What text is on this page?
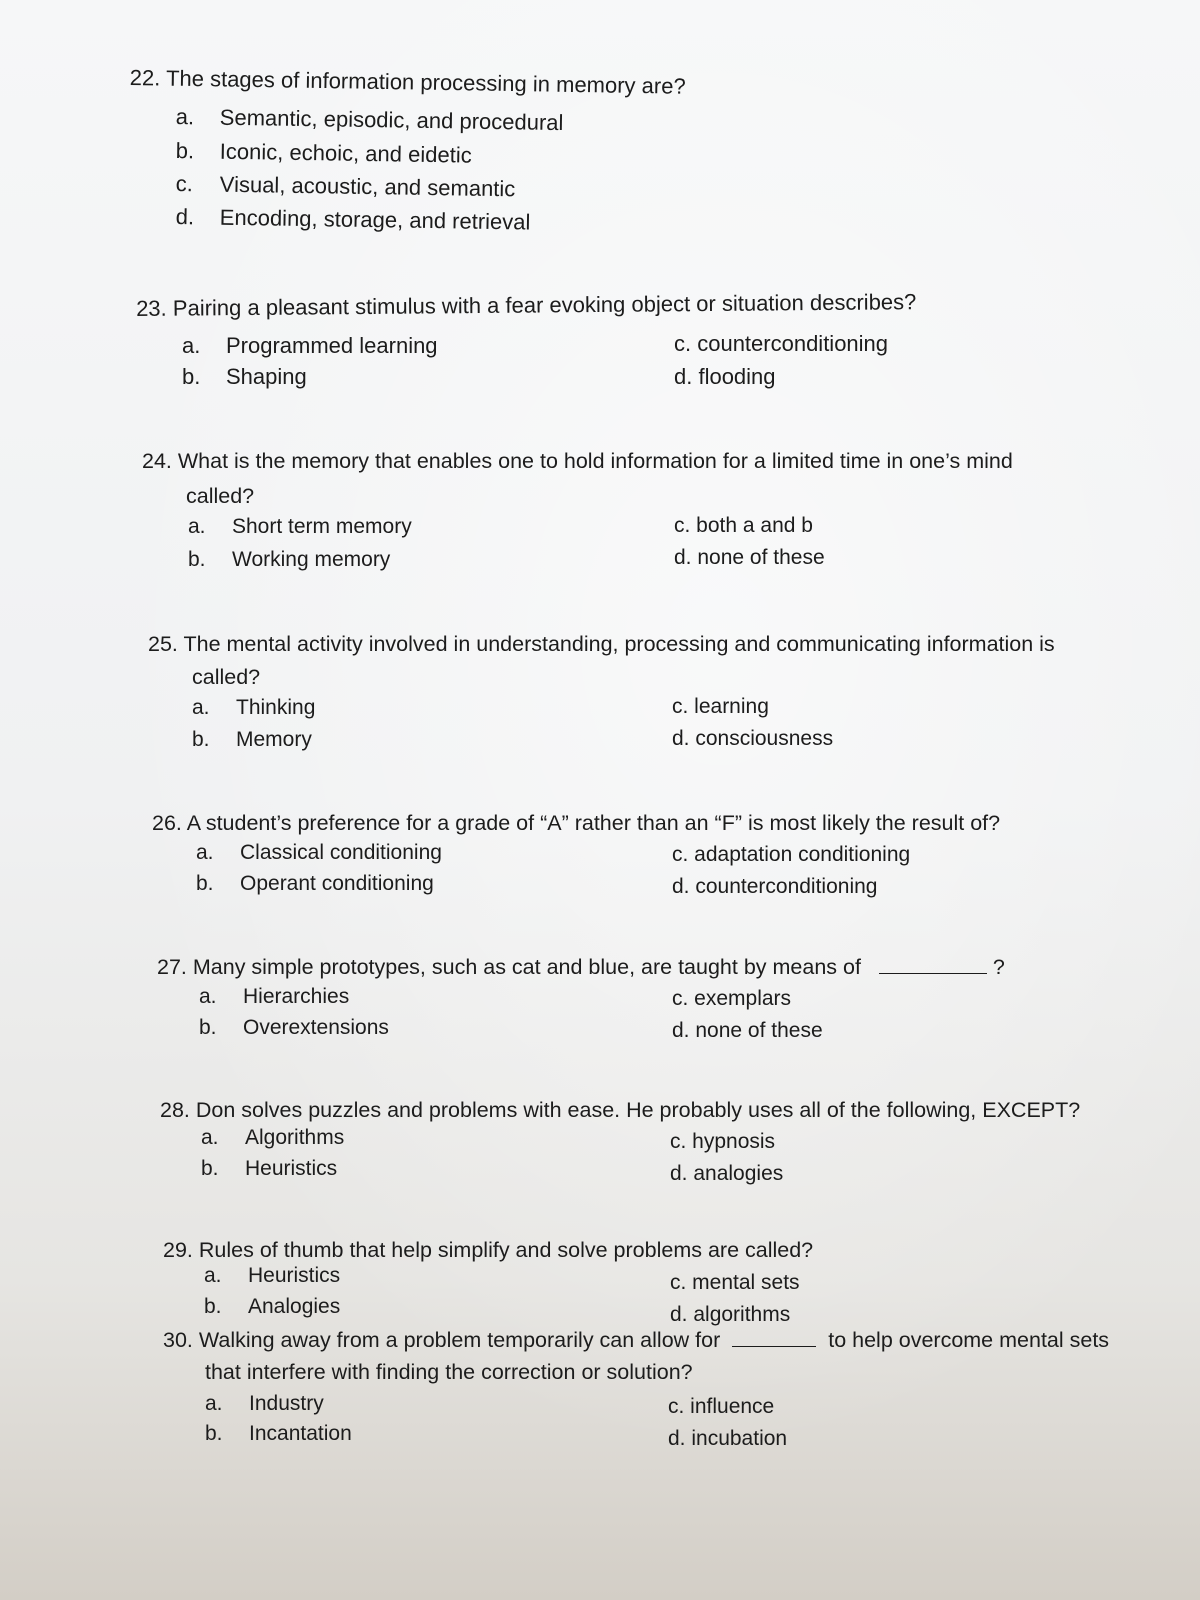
22. The stages of information processing in memory are?
a. Semantic, episodic, and procedural
b. Iconic, echoic, and eidetic
c. Visual, acoustic, and semantic
d. Encoding, storage, and retrieval
23. Pairing a pleasant stimulus with a fear evoking object or situation describes?
a. Programmed learning
b. Shaping
c. counterconditioning
d. flooding
24. What is the memory that enables one to hold information for a limited time in one’s mind
called?
a. Short term memory
b. Working memory
c. both a and b
d. none of these
25. The mental activity involved in understanding, processing and communicating information is
called?
a. Thinking
b. Memory
c. learning
d. consciousness
26. A student’s preference for a grade of “A” rather than an “F” is most likely the result of?
a. Classical conditioning
b. Operant conditioning
c. adaptation conditioning
d. counterconditioning
27. Many simple prototypes, such as cat and blue, are taught by means of	?
a. Hierarchies
b. Overextensions
c. exemplars
d. none of these
28. Don solves puzzles and problems with ease. He probably uses all of the following, EXCEPT?
a. Algorithms
b. Heuristics
c. hypnosis
d. analogies
29. Rules of thumb that help simplify and solve problems are called?
a. Heuristics
b. Analogies
c. mental sets
d. algorithms
30. Walking away from a problem temporarily can allow for	to help overcome mental sets
that interfere with finding the correction or solution?
a. Industry
b. Incantation
c. influence
d. incubation
